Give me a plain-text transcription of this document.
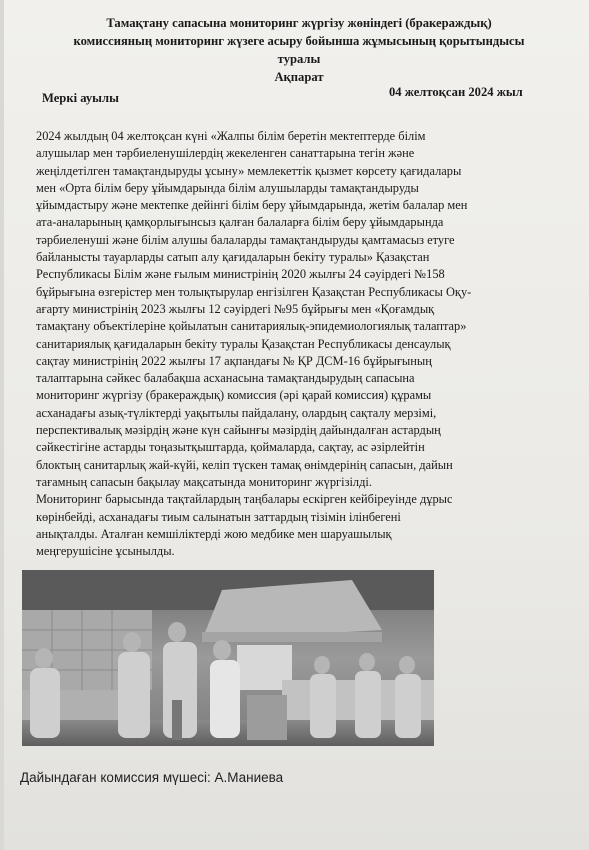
Тамақтану сапасына мониторинг жүргізу жөніндегі (бракераждық)
комиссияның мониторинг жүзеге асыру бойынша жұмысының қорытындысы
туралы
Ақпарат
Меркі ауылы	04 желтоқсан 2024 жыл
2024 жылдың 04 желтоқсан күні «Жалпы білім беретін мектептерде білім
алушылар мен тәрбиеленушілердің жекеленген санаттарына тегін және
жеңілдетілген тамақтандыруды ұсыну» мемлекеттік қызмет көрсету қағидалары
мен «Орта білім беру ұйымдарында білім алушыларды тамақтандыруды
ұйымдастыру және мектепке дейінгі білім беру ұйымдарында, жетім балалар мен
ата-аналарының қамқорлығынсыз қалған балаларға білім беру ұйымдарында
тәрбиеленуші және білім алушы балаларды тамақтандыруды қамтамасыз етуге
байланысты тауарларды сатып алу қағидаларын бекіту туралы» Қазақстан
Республикасы Білім және ғылым министрінің 2020 жылғы 24 сәуірдегі №158
бұйрығына өзгерістер мен толықтырулар енгізілген Қазақстан Республикасы Оқу-
ағарту министрінің 2023 жылғы 12 сәуірдегі №95 бұйрығы мен «Қоғамдық
тамақтану объектілеріне қойылатын санитариялық-эпидемиологиялық талаптар»
санитариялық қағидаларын бекіту туралы Қазақстан Республикасы денсаулық
сақтау министрінің 2022 жылғы 17 ақпандағы № ҚР ДСМ-16 бұйрығының
талаптарына сәйкес балабақша асханасына тамақтандырудың сапасына
мониторинг жүргізу (бракераждық) комиссия (әрі қарай комиссия) құрамы
асханадағы азық-түліктерді уақытылы пайдалану, олардың сақталу мерзімі,
перспективалық мәзірдің және күн сайынғы мәзірдің дайындалған астардың
сәйкестігіне астарды тоңазытқыштарда, қоймаларда, сақтау, ас әзірлейтін
блоктың санитарлық жай-күйі, келіп түскен тамақ өнімдерінің сапасын, дайын
тағамның сапасын бақылау мақсатында мониторинг жүргізілді.
Мониторинг барысында тақтайлардың таңбалары ескірген кейбіреуінде дұрыс
көрінбейді, асханадағы тиым салынатын заттардың тізімін ілінбегені
анықталды. Аталған кемшіліктерді жою медбике мен шаруашылық
меңгерушісіне ұсынылды.
Дайындаған комиссия мүшесі: А.Маниева
